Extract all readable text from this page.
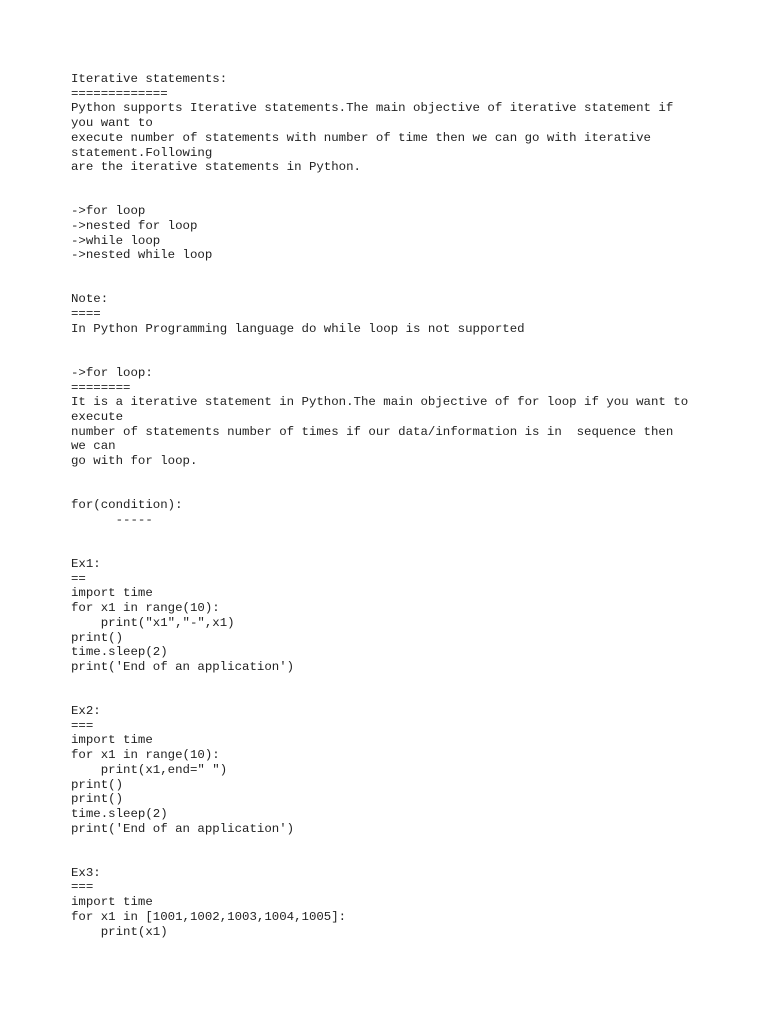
Iterative statements:
=============
Python supports Iterative statements.The main objective of iterative statement if
you want to
execute number of statements with number of time then we can go with iterative
statement.Following
are the iterative statements in Python.
->for loop
->nested for loop
->while loop
->nested while loop
Note:
====
In Python Programming language do while loop is not supported
->for loop:
========
It is a iterative statement in Python.The main objective of for loop if you want to
execute
number of statements number of times if our data/information is in  sequence then
we can
go with for loop.
for(condition):
-----
Ex1:
==
import time
for x1 in range(10):
print("x1","-",x1)
print()
time.sleep(2)
print('End of an application')
Ex2:
===
import time
for x1 in range(10):
print(x1,end=" ")
print()
print()
time.sleep(2)
print('End of an application')
Ex3:
===
import time
for x1 in [1001,1002,1003,1004,1005]:
print(x1)
